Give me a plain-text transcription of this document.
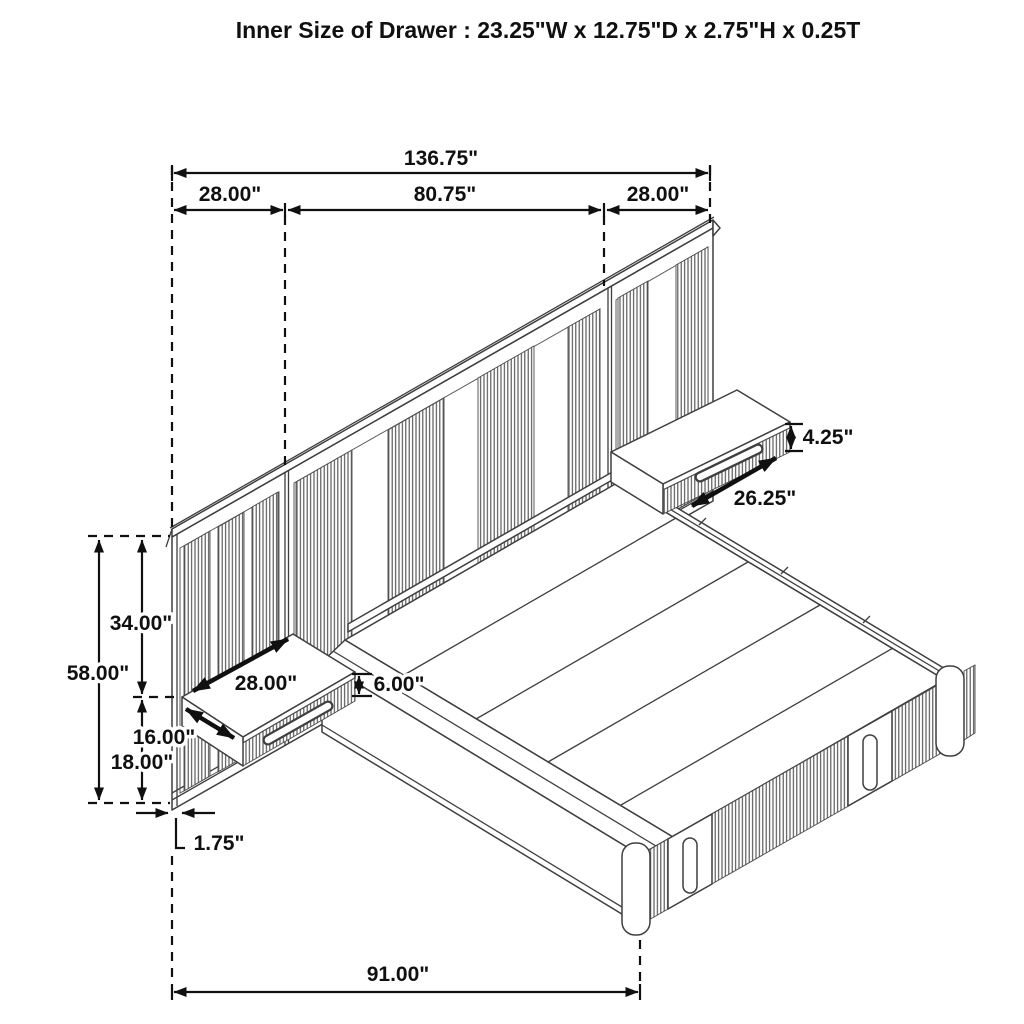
136.75"
28.00"	80.75"	28.00"
58.00"
34.00"
18.00"
1.75"
28.00"
16.00"
6.00"
4.25"
26.25"
91.00"
Inner Size of Drawer : 23.25"W x 12.75"D x 2.75"H x 0.25T
